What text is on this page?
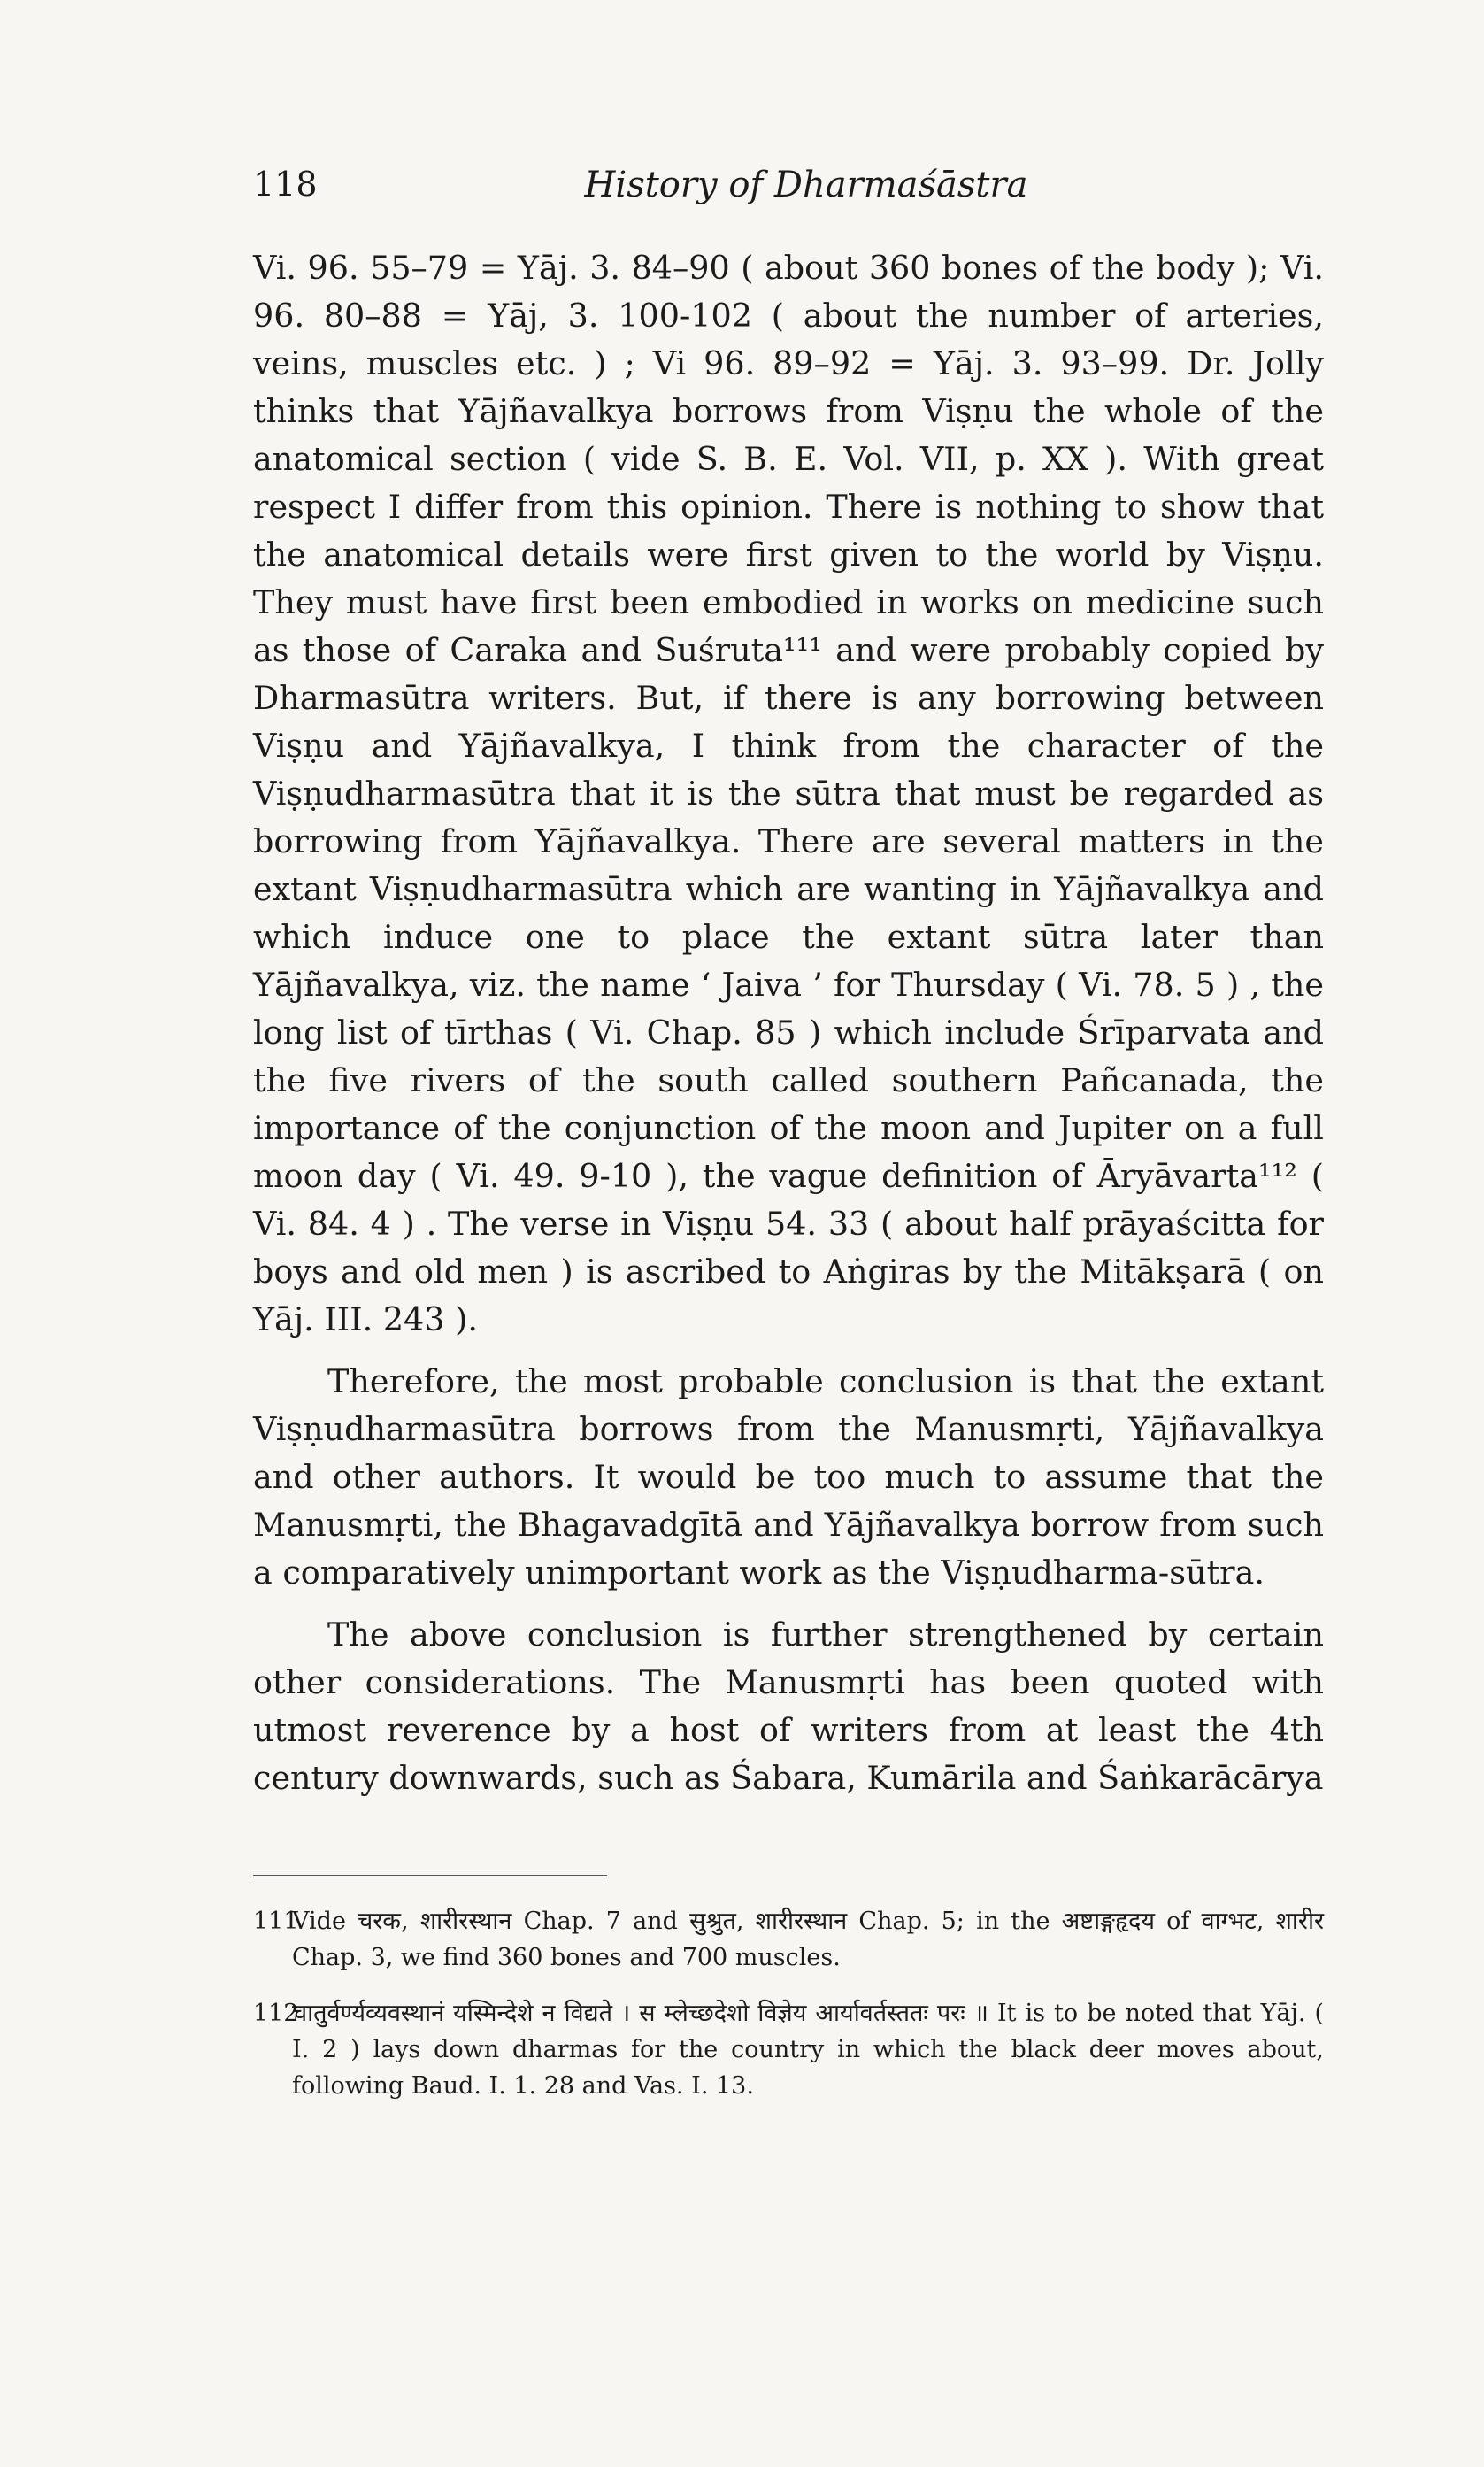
118	History of Dharmaśāstra

Vi. 96. 55–79 = Yāj. 3. 84–90 ( about 360 bones of the body ); Vi. 96. 80–88 = Yāj, 3. 100-102 ( about the number of arteries, veins, muscles etc. ) ; Vi 96. 89–92 = Yāj. 3. 93–99. Dr. Jolly thinks that Yājñavalkya borrows from Viṣṇu the whole of the anatomical section ( vide S. B. E. Vol. VII, p. XX ). With great respect I differ from this opinion. There is nothing to show that the anatomical details were first given to the world by Viṣṇu. They must have first been embodied in works on medicine such as those of Caraka and Suśruta¹¹¹ and were probably copied by Dharmasūtra writers. But, if there is any borrowing between Viṣṇu and Yājñavalkya, I think from the character of the Viṣṇudharmasūtra that it is the sūtra that must be regarded as borrowing from Yājñavalkya. There are several matters in the extant Viṣṇudharmasūtra which are wanting in Yājñavalkya and which induce one to place the extant sūtra later than Yājñavalkya, viz. the name ‘ Jaiva ’ for Thursday ( Vi. 78. 5 ) , the long list of tīrthas ( Vi. Chap. 85 ) which include Śrīparvata and the five rivers of the south called southern Pañcanada, the importance of the conjunction of the moon and Jupiter on a full moon day ( Vi. 49. 9-10 ), the vague definition of Āryāvarta¹¹² ( Vi. 84. 4 ) . The verse in Viṣṇu 54. 33 ( about half prāyaścitta for boys and old men ) is ascribed to Aṅgiras by the Mitākṣarā ( on Yāj. III. 243 ).

Therefore, the most probable conclusion is that the extant Viṣṇudharmasūtra borrows from the Manusmṛti, Yājñavalkya and other authors. It would be too much to assume that the Manusmṛti, the Bhagavadgītā and Yājñavalkya borrow from such a comparatively unimportant work as the Viṣṇudharma-sūtra.

The above conclusion is further strengthened by certain other considerations. The Manusmṛti has been quoted with utmost reverence by a host of writers from at least the 4th century downwards, such as Śabara, Kumārila and Śaṅkarācārya

111Vide चरक, शारीरस्थान Chap. 7 and सुश्रुत, शारीरस्थान Chap. 5; in the अष्टाङ्गहृदय of वाग्भट, शारीर Chap. 3, we find 360 bones and 700 muscles.

112चातुर्वर्ण्यव्यवस्थानं यस्मिन्देशे न विद्यते । स म्लेच्छदेशो विज्ञेय आर्यावर्तस्ततः परः ॥ It is to be noted that Yāj. ( I. 2 ) lays down dharmas for the country in which the black deer moves about, following Baud. I. 1. 28 and Vas. I. 13.
